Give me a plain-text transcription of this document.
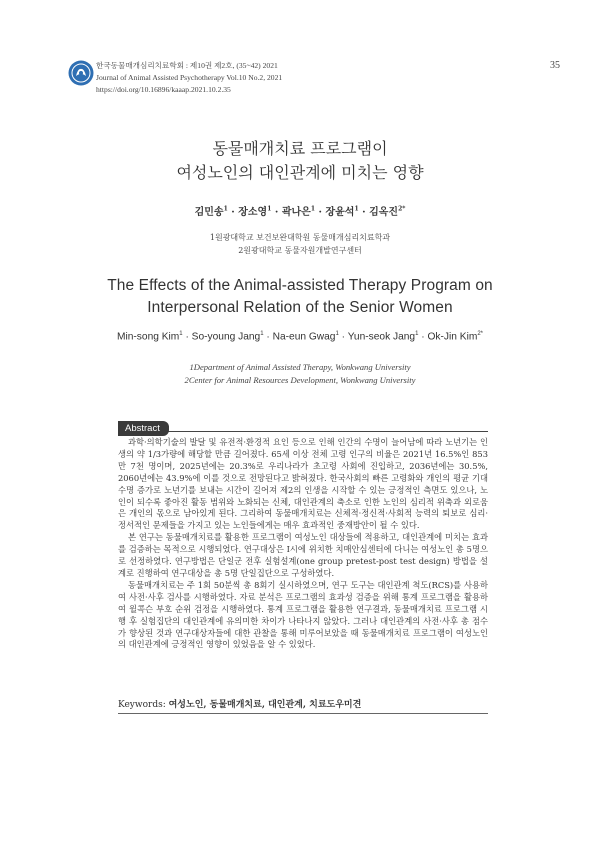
한국동물매개심리치료학회 : 제10권 제2호, (35~42) 2021
Journal of Animal Assisted Psychotherapy Vol.10 No.2, 2021
https://doi.org/10.16896/kaaap.2021.10.2.35
35
동물매개치료 프로그램이
여성노인의 대인관계에 미치는 영향
김민송$^1$ · 장소영$^1$ · 곽나은$^1$ · 장윤석$^1$ · 김옥진$^{2*}$
1원광대학교 보건보완대학원 동물매개심리치료학과
2원광대학교 동물자원개발연구센터
The Effects of the Animal-assisted Therapy Program on
Interpersonal Relation of the Senior Women
Min-song Kim$^1$ · So-young Jang$^1$ · Na-eun Gwag$^1$ · Yun-seok Jang$^1$ · Ok-Jin Kim$^{2*}$
1Department of Animal Assisted Therapy, Wonkwang University
2Center for Animal Resources Development, Wonkwang University
Abstract

과학·의학기술의 발달 및 유전적·환경적 요인 등으로 인해 인간의 수명이 늘어남에 따라 노년기는 인생의 약 1/3가량에 해당할 만큼 길어졌다. 65세 이상 전체 고령 인구의 비율은 2021년 16.5%인 853만 7천 명이며, 2025년에는 20.3%로 우리나라가 초고령 사회에 진입하고, 2036년에는 30.5%, 2060년에는 43.9%에 이를 것으로 전망된다고 밝혀졌다. 한국사회의 빠른 고령화와 개인의 평균 기대수명 증가로 노년기를 보내는 시간이 길어져 제2의 인생을 시작할 수 있는 긍정적인 측면도 있으나, 노인이 되수록 좋아진 활동 범위와 노화되는 신체, 대인관계의 축소로 인한 노인의 심리적 위축과 외로움은 개인의 몫으로 남아있게 된다. 그리하여 동물매개치료는 신체적·정신적·사회적 능력의 퇴보로 심리·정서적인 문제들을 가지고 있는 노인들에게는 매우 효과적인 중재방안이 될 수 있다.

본 연구는 동물매개치료를 활용한 프로그램이 여성노인 대상들에 적용하고, 대인관계에 미치는 효과를 검증하는 목적으로 시행되었다. 연구대상은 I시에 위치한 치매안심센터에 다니는 여성노인 총 5명으로 선정하였다. 연구방법은 단일군 전후 실험설계(one group pretest-post test design) 방법을 설계로 진행하여 연구대상을 총 5명 단일집단으로 구성하였다.

동물매개치료는 주 1회 50분씩 총 8회기 실시하였으며, 연구 도구는 대인관계 척도(RCS)를 사용하여 사전·사후 검사를 시행하였다. 자료 분석은 프로그램의 효과성 검증을 위해 통계 프로그램을 활용하여 윌콕슨 부호 순위 검정을 시행하였다. 통계 프로그램을 활용한 연구결과, 동물매개치료 프로그램 시행 후 실험집단의 대인관계에 유의미한 차이가 나타나지 않았다. 그러나 대인관계의 사전·사후 총 점수가 향상된 것과 연구대상자들에 대한 관찰을 통해 미루어보았을 때 동물매개치료 프로그램이 여성노인의 대인관계에 긍정적인 영향이 있었음을 알 수 있었다.

Keywords: 여성노인, 동물매개치료, 대인관계, 치료도우미견
